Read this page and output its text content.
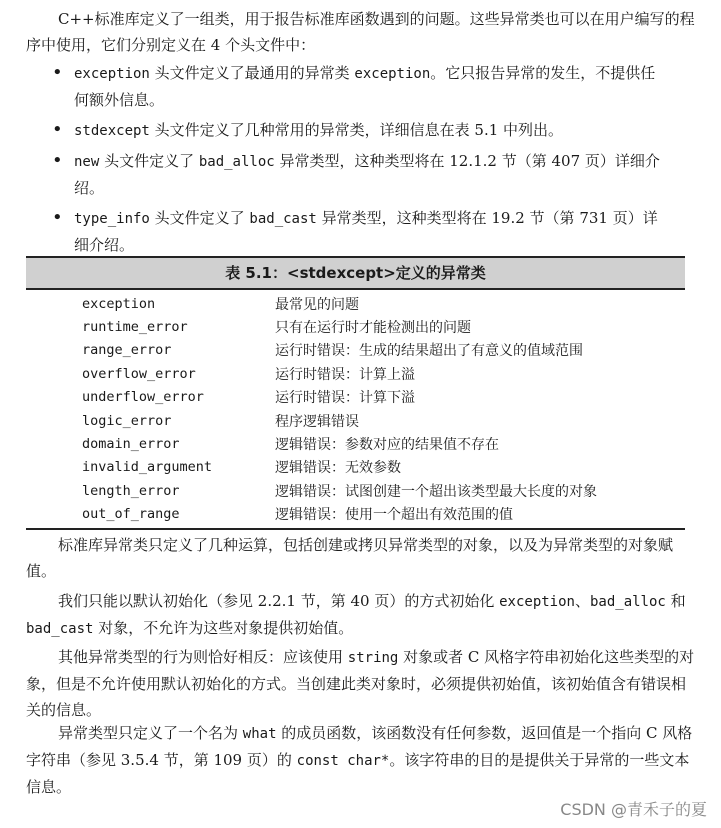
C++标准库定义了一组类，用于报告标准库函数遇到的问题。这些异常类也可以在用户编写的程序中使用，它们分别定义在 4 个头文件中：
• exception 头文件定义了最通用的异常类 exception。它只报告异常的发生，不提供任何额外信息。
• stdexcept 头文件定义了几种常用的异常类，详细信息在表 5.1 中列出。
• new 头文件定义了 bad_alloc 异常类型，这种类型将在 12.1.2 节（第 407 页）详细介绍。
• type_info 头文件定义了 bad_cast 异常类型，这种类型将在 19.2 节（第 731 页）详细介绍。
表 5.1：<stdexcept>定义的异常类
exception	最常见的问题
runtime_error	只有在运行时才能检测出的问题
range_error	运行时错误：生成的结果超出了有意义的值域范围
overflow_error	运行时错误：计算上溢
underflow_error	运行时错误：计算下溢
logic_error	程序逻辑错误
domain_error	逻辑错误：参数对应的结果值不存在
invalid_argument	逻辑错误：无效参数
length_error	逻辑错误：试图创建一个超出该类型最大长度的对象
out_of_range	逻辑错误：使用一个超出有效范围的值
标准库异常类只定义了几种运算，包括创建或拷贝异常类型的对象，以及为异常类型的对象赋值。
我们只能以默认初始化（参见 2.2.1 节，第 40 页）的方式初始化 exception、bad_alloc 和 bad_cast 对象，不允许为这些对象提供初始值。
其他异常类型的行为则恰好相反：应该使用 string 对象或者 C 风格字符串初始化这些类型的对象，但是不允许使用默认初始化的方式。当创建此类对象时，必须提供初始值，该初始值含有错误相关的信息。
异常类型只定义了一个名为 what 的成员函数，该函数没有任何参数，返回值是一个指向 C 风格字符串（参见 3.5.4 节，第 109 页）的 const char*。该字符串的目的是提供关于异常的一些文本信息。
CSDN @青禾子的夏
